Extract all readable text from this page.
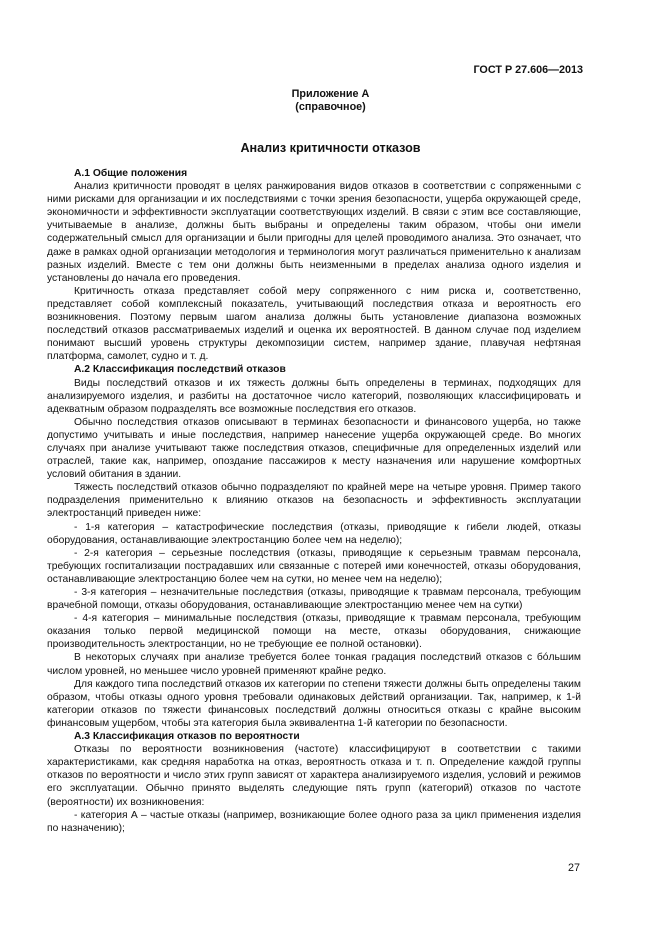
ГОСТ Р 27.606—2013
Приложение А
(справочное)
Анализ критичности отказов
А.1 Общие положения

Анализ критичности проводят в целях ранжирования видов отказов в соответствии с сопряженными с ними рисками для организации и их последствиями с точки зрения безопасности, ущерба окружающей среде, экономичности и эффективности эксплуатации соответствующих изделий. В связи с этим все составляющие, учитываемые в анализе, должны быть выбраны и определены таким образом, чтобы они имели содержательный смысл для организации и были пригодны для целей проводимого анализа. Это означает, что даже в рамках одной организации методология и терминология могут различаться применительно к анализам разных изделий. Вместе с тем они должны быть неизменными в пределах анализа одного изделия и установлены до начала его проведения.

Критичность отказа представляет собой меру сопряженного с ним риска и, соответственно, представляет собой комплексный показатель, учитывающий последствия отказа и вероятность его возникновения. Поэтому первым шагом анализа должны быть установление диапазона возможных последствий отказов рассматриваемых изделий и оценка их вероятностей. В данном случае под изделием понимают высший уровень структуры декомпозиции систем, например здание, плавучая нефтяная платформа, самолет, судно и т. д.

А.2 Классификация последствий отказов

Виды последствий отказов и их тяжесть должны быть определены в терминах, подходящих для анализируемого изделия, и разбиты на достаточное число категорий, позволяющих классифицировать и адекватным образом подразделять все возможные последствия его отказов.

Обычно последствия отказов описывают в терминах безопасности и финансового ущерба, но также допустимо учитывать и иные последствия, например нанесение ущерба окружающей среде. Во многих случаях при анализе учитывают также последствия отказов, специфичные для определенных изделий или отраслей, такие как, например, опоздание пассажиров к месту назначения или нарушение комфортных условий обитания в здании.

Тяжесть последствий отказов обычно подразделяют по крайней мере на четыре уровня. Пример такого подразделения применительно к влиянию отказов на безопасность и эффективность эксплуатации электростанций приведен ниже:

- 1-я категория – катастрофические последствия (отказы, приводящие к гибели людей, отказы оборудования, останавливающие электростанцию более чем на неделю);

- 2-я категория – серьезные последствия (отказы, приводящие к серьезным травмам персонала, требующих госпитализации пострадавших или связанные с потерей ими конечностей, отказы оборудования, останавливающие электростанцию более чем на сутки, но менее чем на неделю);

- 3-я категория – незначительные последствия (отказы, приводящие к травмам персонала, требующим врачебной помощи, отказы оборудования, останавливающие электростанцию менее чем на сутки)

- 4-я категория – минимальные последствия (отказы, приводящие к травмам персонала, требующим оказания только первой медицинской помощи на месте, отказы оборудования, снижающие производительность электростанции, но не требующие ее полной остановки).

В некоторых случаях при анализе требуется более тонкая градация последствий отказов с бóльшим числом уровней, но меньшее число уровней применяют крайне редко.

Для каждого типа последствий отказов их категории по степени тяжести должны быть определены таким образом, чтобы отказы одного уровня требовали одинаковых действий организации. Так, например, к 1-й категории отказов по тяжести финансовых последствий должны относиться отказы с крайне высоким финансовым ущербом, чтобы эта категория была эквивалентна 1-й категории по безопасности.

А.3 Классификация отказов по вероятности

Отказы по вероятности возникновения (частоте) классифицируют в соответствии с такими характеристиками, как средняя наработка на отказ, вероятность отказа и т. п. Определение каждой группы отказов по вероятности и число этих групп зависят от характера анализируемого изделия, условий и режимов его эксплуатации. Обычно принято выделять следующие пять групп (категорий) отказов по частоте (вероятности) их возникновения:

- категория А – частые отказы (например, возникающие более одного раза за цикл применения изделия по назначению);

27
